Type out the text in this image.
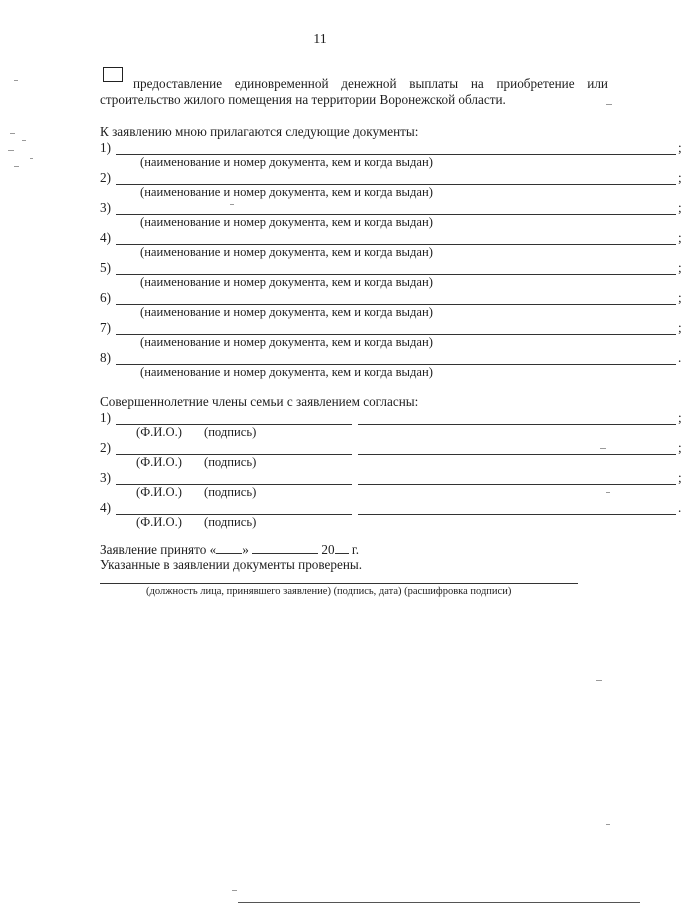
11
предоставление единовременной денежной выплаты на приобретение или
строительство жилого помещения на территории Воронежской области.
К заявлению мною прилагаются следующие документы:
1)	;
(наименование и номер документа, кем и когда выдан)
2)	;
(наименование и номер документа, кем и когда выдан)
3)	;
(наименование и номер документа, кем и когда выдан)
4)	;
(наименование и номер документа, кем и когда выдан)
5)	;
(наименование и номер документа, кем и когда выдан)
6)	;
(наименование и номер документа, кем и когда выдан)
7)	;
(наименование и номер документа, кем и когда выдан)
8)	.
(наименование и номер документа, кем и когда выдан)
Совершеннолетние члены семьи с заявлением согласны:
1)	;
(Ф.И.О.) (подпись)
2)	;
(Ф.И.О.) (подпись)
3)	;
(Ф.И.О.) (подпись)
4)	.
(Ф.И.О.) (подпись)
Заявление принято « »	20 г.
Указанные в заявлении документы проверены.
(должность лица, принявшего заявление) (подпись, дата) (расшифровка подписи)
